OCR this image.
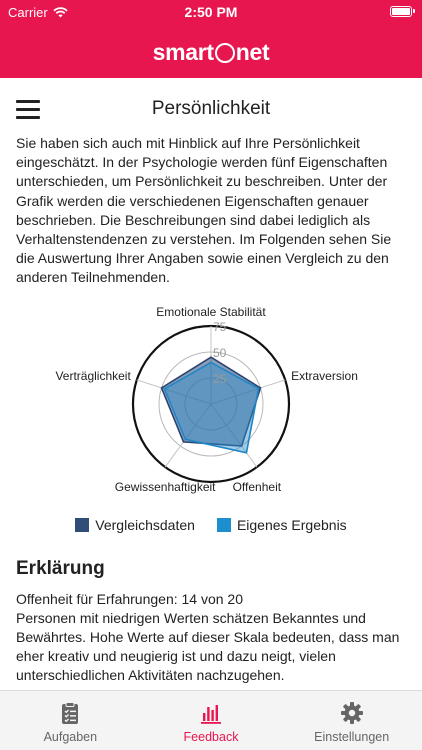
Carrier	2:50 PM
smart net
Persönlichkeit

Sie haben sich auch mit Hinblick auf Ihre Persönlichkeit eingeschätzt. In der Psychologie werden fünf Eigenschaften unterschieden, um Persönlichkeit zu beschreiben. Unter der Grafik werden die verschiedenen Eigenschaften genauer beschrieben. Die Beschreibungen sind dabei lediglich als Verhaltenstendenzen zu verstehen. Im Folgenden sehen Sie die Auswertung Ihrer Angaben sowie einen Vergleich zu den anderen Teilnehmenden.

25
50
75
Emotionale Stabilität
Extraversion
Offenheit
Gewissenhaftigkeit
Verträglichkeit
Vergleichsdaten	Eigenes Ergebnis
Erklärung
Offenheit für Erfahrungen: 14 von 20
Personen mit niedrigen Werten schätzen Bekanntes und Bewährtes. Hohe Werte auf dieser Skala bedeuten, dass man eher kreativ und neugierig ist und dazu neigt, vielen unterschiedlichen Aktivitäten nachzugehen.
Aufgaben	Feedback	Einstellungen
